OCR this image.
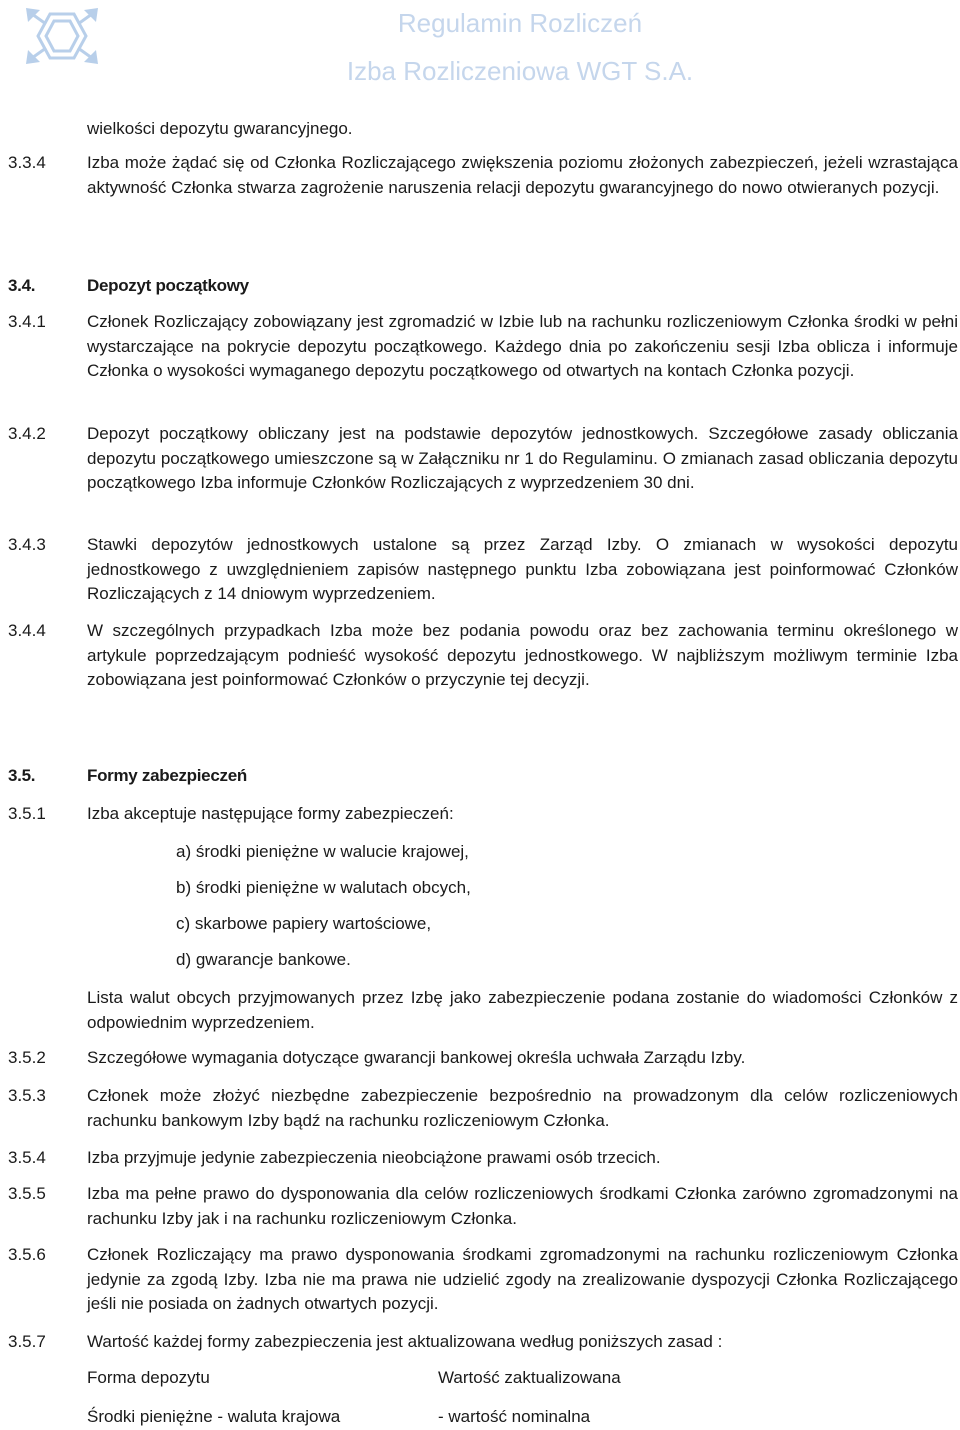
Regulamin Rozliczeń
Izba Rozliczeniowa WGT S.A.
wielkości depozytu gwarancyjnego.
3.3.4 Izba może żądać się od Członka Rozliczającego zwiększenia poziomu złożonych zabezpieczeń, jeżeli wzrastająca aktywność Członka stwarza zagrożenie naruszenia relacji depozytu gwarancyjnego do nowo otwieranych pozycji.
3.4.	Depozyt początkowy
3.4.1 Członek Rozliczający zobowiązany jest zgromadzić w Izbie lub na rachunku rozliczeniowym Członka środki w pełni wystarczające na pokrycie depozytu początkowego. Każdego dnia po zakończeniu sesji Izba oblicza i informuje Członka o wysokości wymaganego depozytu początkowego od otwartych na kontach Członka pozycji.
3.4.2 Depozyt początkowy obliczany jest na podstawie depozytów jednostkowych. Szczegółowe zasady obliczania depozytu początkowego umieszczone są w Załączniku nr 1 do Regulaminu. O zmianach zasad obliczania depozytu początkowego Izba informuje Członków Rozliczających z wyprzedzeniem 30 dni.
3.4.3 Stawki depozytów jednostkowych ustalone są przez Zarząd Izby. O zmianach w wysokości depozytu jednostkowego z uwzględnieniem zapisów następnego punktu Izba zobowiązana jest poinformować Członków Rozliczających z 14 dniowym wyprzedzeniem.
3.4.4 W szczególnych przypadkach Izba może bez podania powodu oraz bez zachowania terminu określonego w artykule poprzedzającym podnieść wysokość depozytu jednostkowego. W najbliższym możliwym terminie Izba zobowiązana jest poinformować Członków o przyczynie tej decyzji.
3.5.	Formy zabezpieczeń
3.5.1 Izba akceptuje następujące formy zabezpieczeń:
a) środki pieniężne w walucie krajowej,
b) środki pieniężne w walutach obcych,
c) skarbowe papiery wartościowe,
d) gwarancje bankowe.
Lista walut obcych przyjmowanych przez Izbę jako zabezpieczenie podana zostanie do wiadomości Członków z odpowiednim wyprzedzeniem.
3.5.2 Szczegółowe wymagania dotyczące gwarancji bankowej określa uchwała Zarządu Izby.
3.5.3 Członek może złożyć niezbędne zabezpieczenie bezpośrednio na prowadzonym dla celów rozliczeniowych rachunku bankowym Izby bądź na rachunku rozliczeniowym Członka.
3.5.4 Izba przyjmuje jedynie zabezpieczenia nieobciążone prawami osób trzecich.
3.5.5 Izba ma pełne prawo do dysponowania dla celów rozliczeniowych środkami Członka zarówno zgromadzonymi na rachunku Izby jak i na rachunku rozliczeniowym Członka.
3.5.6 Członek Rozliczający ma prawo dysponowania środkami zgromadzonymi na rachunku rozliczeniowym Członka jedynie za zgodą Izby. Izba nie ma prawa nie udzielić zgody na zrealizowanie dyspozycji Członka Rozliczającego jeśli nie posiada on żadnych otwartych pozycji.
3.5.7 Wartość każdej formy zabezpieczenia jest aktualizowana według poniższych zasad :
Forma depozytu	Wartość zaktualizowana
Środki pieniężne - waluta krajowa	- wartość nominalna
